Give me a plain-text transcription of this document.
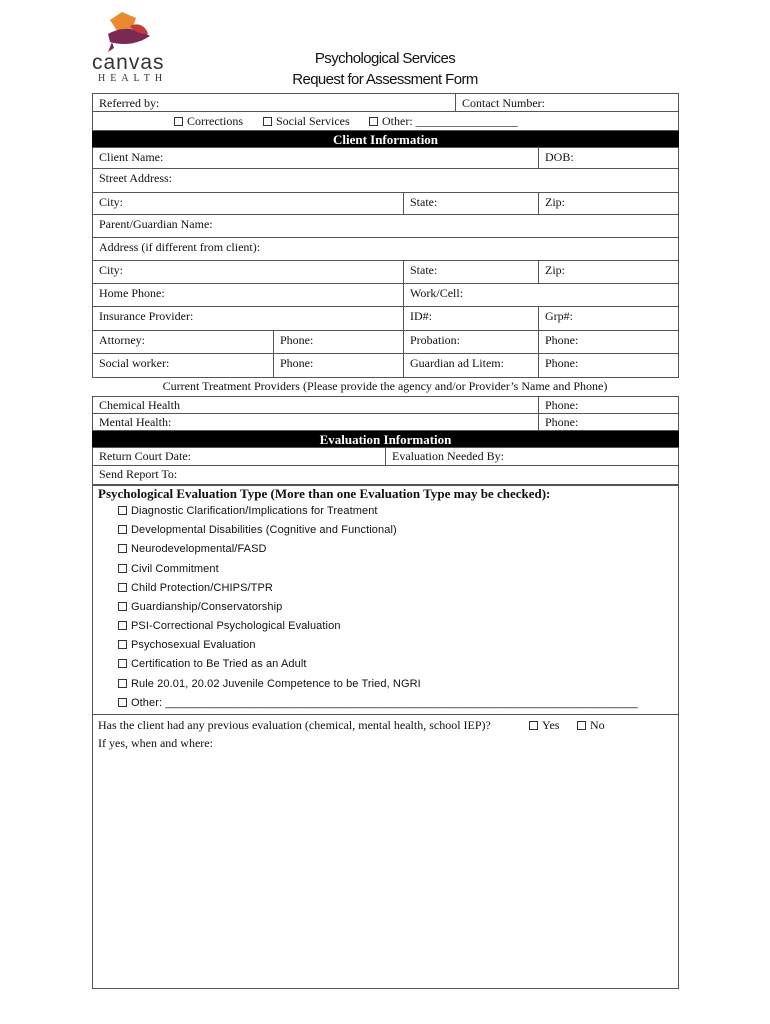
canvas
HEALTH
Psychological Services
Request for Assessment Form
Referred by:	Contact Number:
Corrections	Social Services	Other: _________________
Client Information
Client Name:	DOB:
Street Address:
City:	State:	Zip:
Parent/Guardian Name:
Address (if different from client):
City:	State:	Zip:
Home Phone:	Work/Cell:
Insurance Provider:	ID#:	Grp#:
Attorney:	Phone:	Probation:	Phone:
Social worker:	Phone:	Guardian ad Litem:	Phone:
Current Treatment Providers (Please provide the agency and/or Provider’s Name and Phone)
Chemical Health	Phone:
Mental Health:	Phone:
Evaluation Information
Return Court Date:	Evaluation Needed By:
Send Report To:
Psychological Evaluation Type (More than one Evaluation Type may be checked):
Diagnostic Clarification/Implications for Treatment
Developmental Disabilities (Cognitive and Functional)
Neurodevelopmental/FASD
Civil Commitment
Child Protection/CHIPS/TPR
Guardianship/Conservatorship
PSI-Correctional Psychological Evaluation
Psychosexual Evaluation
Certification to Be Tried as an Adult
Rule 20.01, 20.02 Juvenile Competence to be Tried, NGRI
Other: ____________________________________________________________________________
Has the client had any previous evaluation (chemical, mental health, school IEP)?	Yes	No
If yes, when and where:
